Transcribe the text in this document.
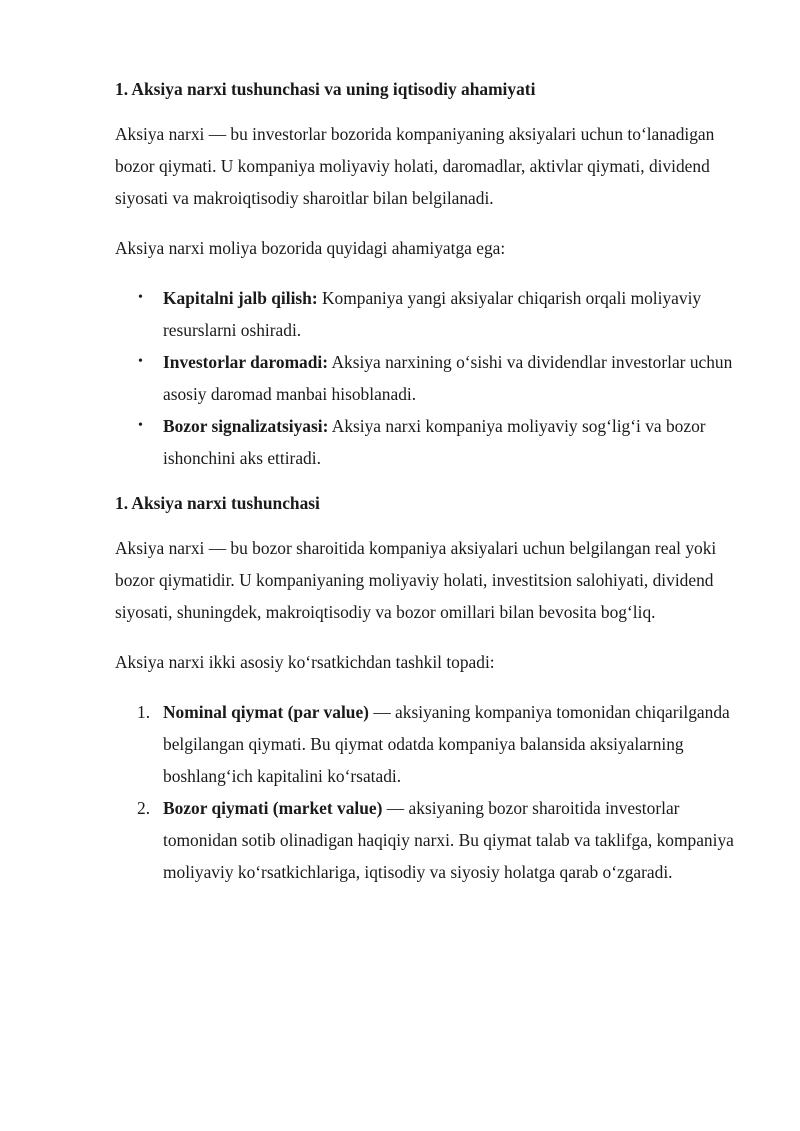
1. Aksiya narxi tushunchasi va uning iqtisodiy ahamiyati

Aksiya narxi — bu investorlar bozorida kompaniyaning aksiyalari uchun to‘lanadigan bozor qiymati. U kompaniya moliyaviy holati, daromadlar, aktivlar qiymati, dividend siyosati va makroiqtisodiy sharoitlar bilan belgilanadi.

Aksiya narxi moliya bozorida quyidagi ahamiyatga ega:

• Kapitalni jalb qilish: Kompaniya yangi aksiyalar chiqarish orqali moliyaviy resurslarni oshiradi.
• Investorlar daromadi: Aksiya narxining o‘sishi va dividendlar investorlar uchun asosiy daromad manbai hisoblanadi.
• Bozor signalizatsiyasi: Aksiya narxi kompaniya moliyaviy sog‘lig‘i va bozor ishonchini aks ettiradi.
1. Aksiya narxi tushunchasi

Aksiya narxi — bu bozor sharoitida kompaniya aksiyalari uchun belgilangan real yoki bozor qiymatidir. U kompaniyaning moliyaviy holati, investitsion salohiyati, dividend siyosati, shuningdek, makroiqtisodiy va bozor omillari bilan bevosita bog‘liq.

Aksiya narxi ikki asosiy ko‘rsatkichdan tashkil topadi:

1. Nominal qiymat (par value) — aksiyaning kompaniya tomonidan chiqarilganda belgilangan qiymati. Bu qiymat odatda kompaniya balansida aksiyalarning boshlang‘ich kapitalini ko‘rsatadi.
2. Bozor qiymati (market value) — aksiyaning bozor sharoitida investorlar tomonidan sotib olinadigan haqiqiy narxi. Bu qiymat talab va taklifga, kompaniya moliyaviy ko‘rsatkichlariga, iqtisodiy va siyosiy holatga qarab o‘zgaradi.
